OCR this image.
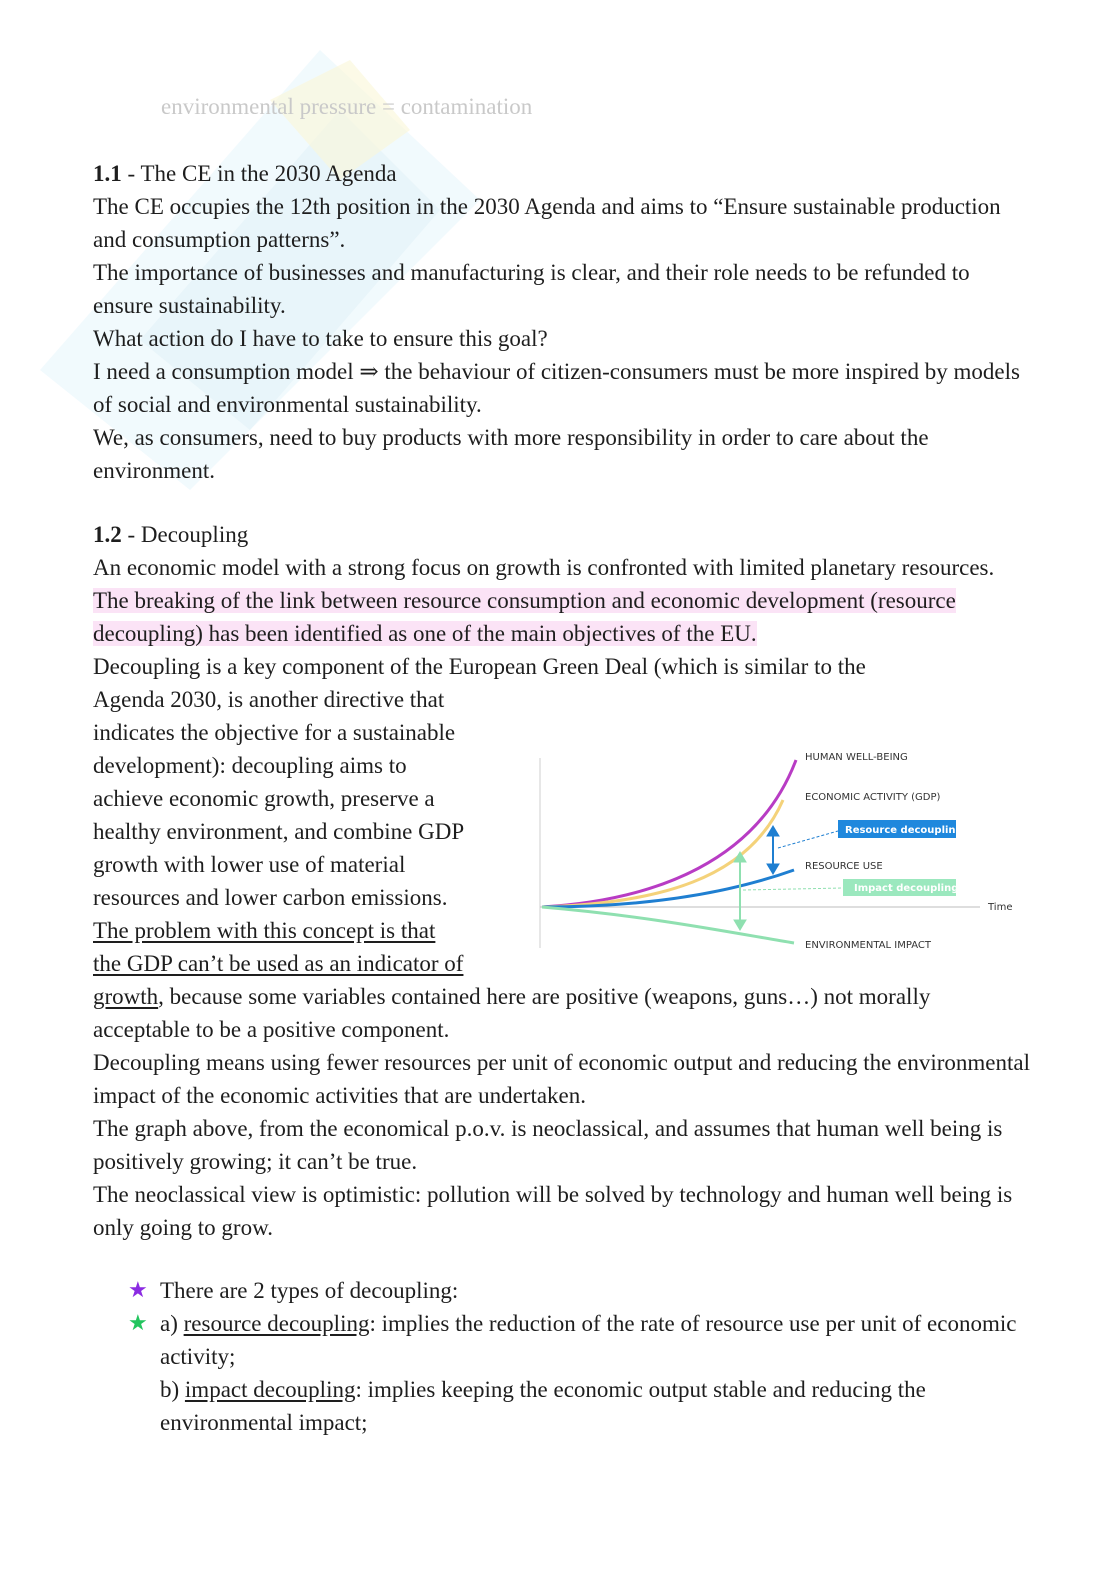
environmental pressure = contamination

1.1 - The CE in the 2030 Agenda

The CE occupies the 12th position in the 2030 Agenda and aims to “Ensure sustainable production and consumption patterns”.

The importance of businesses and manufacturing is clear, and their role needs to be refunded to ensure sustainability.

What action do I have to take to ensure this goal?

I need a consumption model ⇒ the behaviour of citizen-consumers must be more inspired by models of social and environmental sustainability.

We, as consumers, need to buy products with more responsibility in order to care about the environment.

1.2 - Decoupling

An economic model with a strong focus on growth is confronted with limited planetary resources.

The breaking of the link between resource consumption and economic development (resource decoupling) has been identified as one of the main objectives of the EU.

Decoupling is a key component of the European Green Deal (which is similar to the

Agenda 2030, is another directive that

indicates the objective for a sustainable

development): decoupling aims to

achieve economic growth, preserve a

healthy environment, and combine GDP

growth with lower use of material

resources and lower carbon emissions.

The problem with this concept is that

the GDP can’t be used as an indicator of

growth, because some variables contained here are positive (weapons, guns…) not morally acceptable to be a positive component.

Decoupling means using fewer resources per unit of economic output and reducing the environmental impact of the economic activities that are undertaken.

The graph above, from the economical p.o.v. is neoclassical, and assumes that human well being is positively growing; it can’t be true.

The neoclassical view is optimistic: pollution will be solved by technology and human well being is only going to grow.

★ There are 2 types of decoupling:
★ a) resource decoupling: implies the reduction of the rate of resource use per unit of economic activity;

b) impact decoupling: implies keeping the economic output stable and reducing the environmental impact;

HUMAN WELL-BEING
ECONOMIC ACTIVITY (GDP)
Resource decoupling
RESOURCE USE
Impact decoupling
Time
ENVIRONMENTAL IMPACT
